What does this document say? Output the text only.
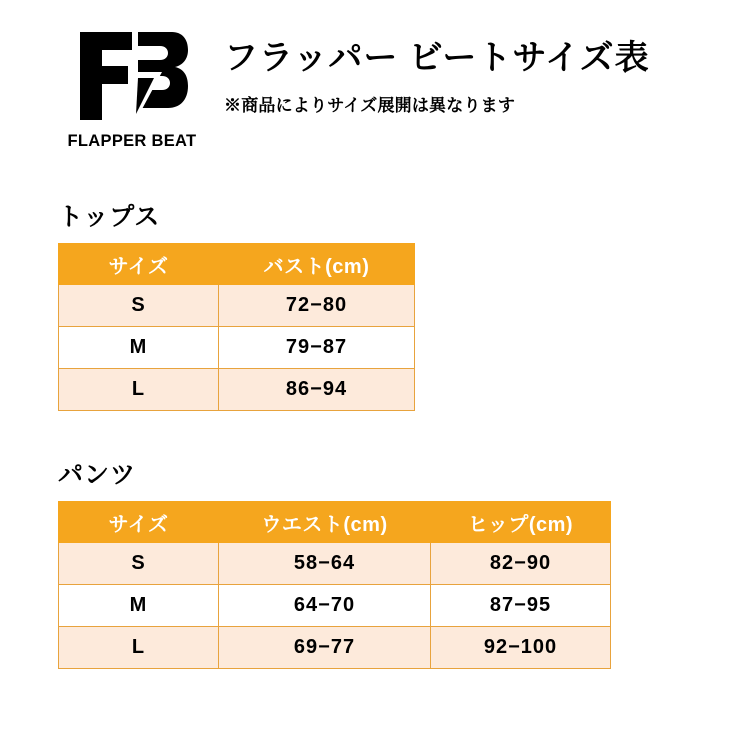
FLAPPER BEAT
フラッパー ビートサイズ表
※商品によりサイズ展開は異なります
トップス
サイズ	バスト(cm)
S	72−80
M	79−87
L	86−94
パンツ
サイズ	ウエスト(cm)	ヒップ(cm)
S	58−64	82−90
M	64−70	87−95
L	69−77	92−100
